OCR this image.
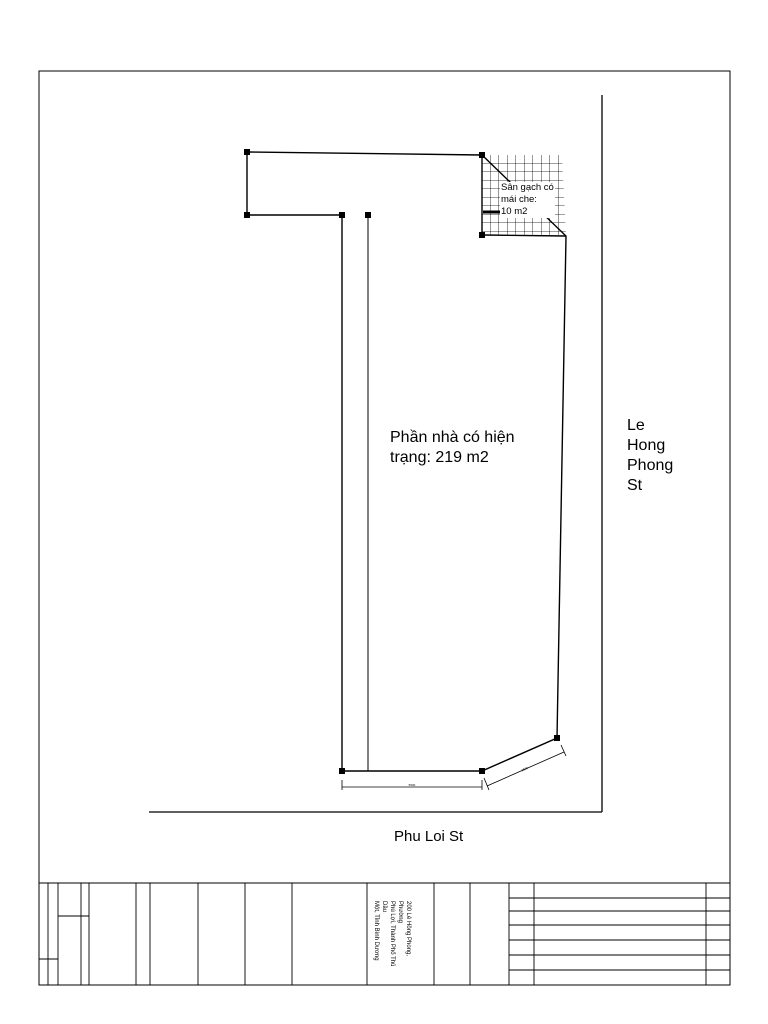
5500
2500
Phần nhà có hiện
trạng: 219 m2
Sân gạch có
mái che:
10 m2
Le
Hong
Phong
St
Phu Loi St
200 Lê Hồng Phong, Phường
Phú Lợi, Thành Phố Thủ Dầu
Một, Tỉnh Bình Dương
